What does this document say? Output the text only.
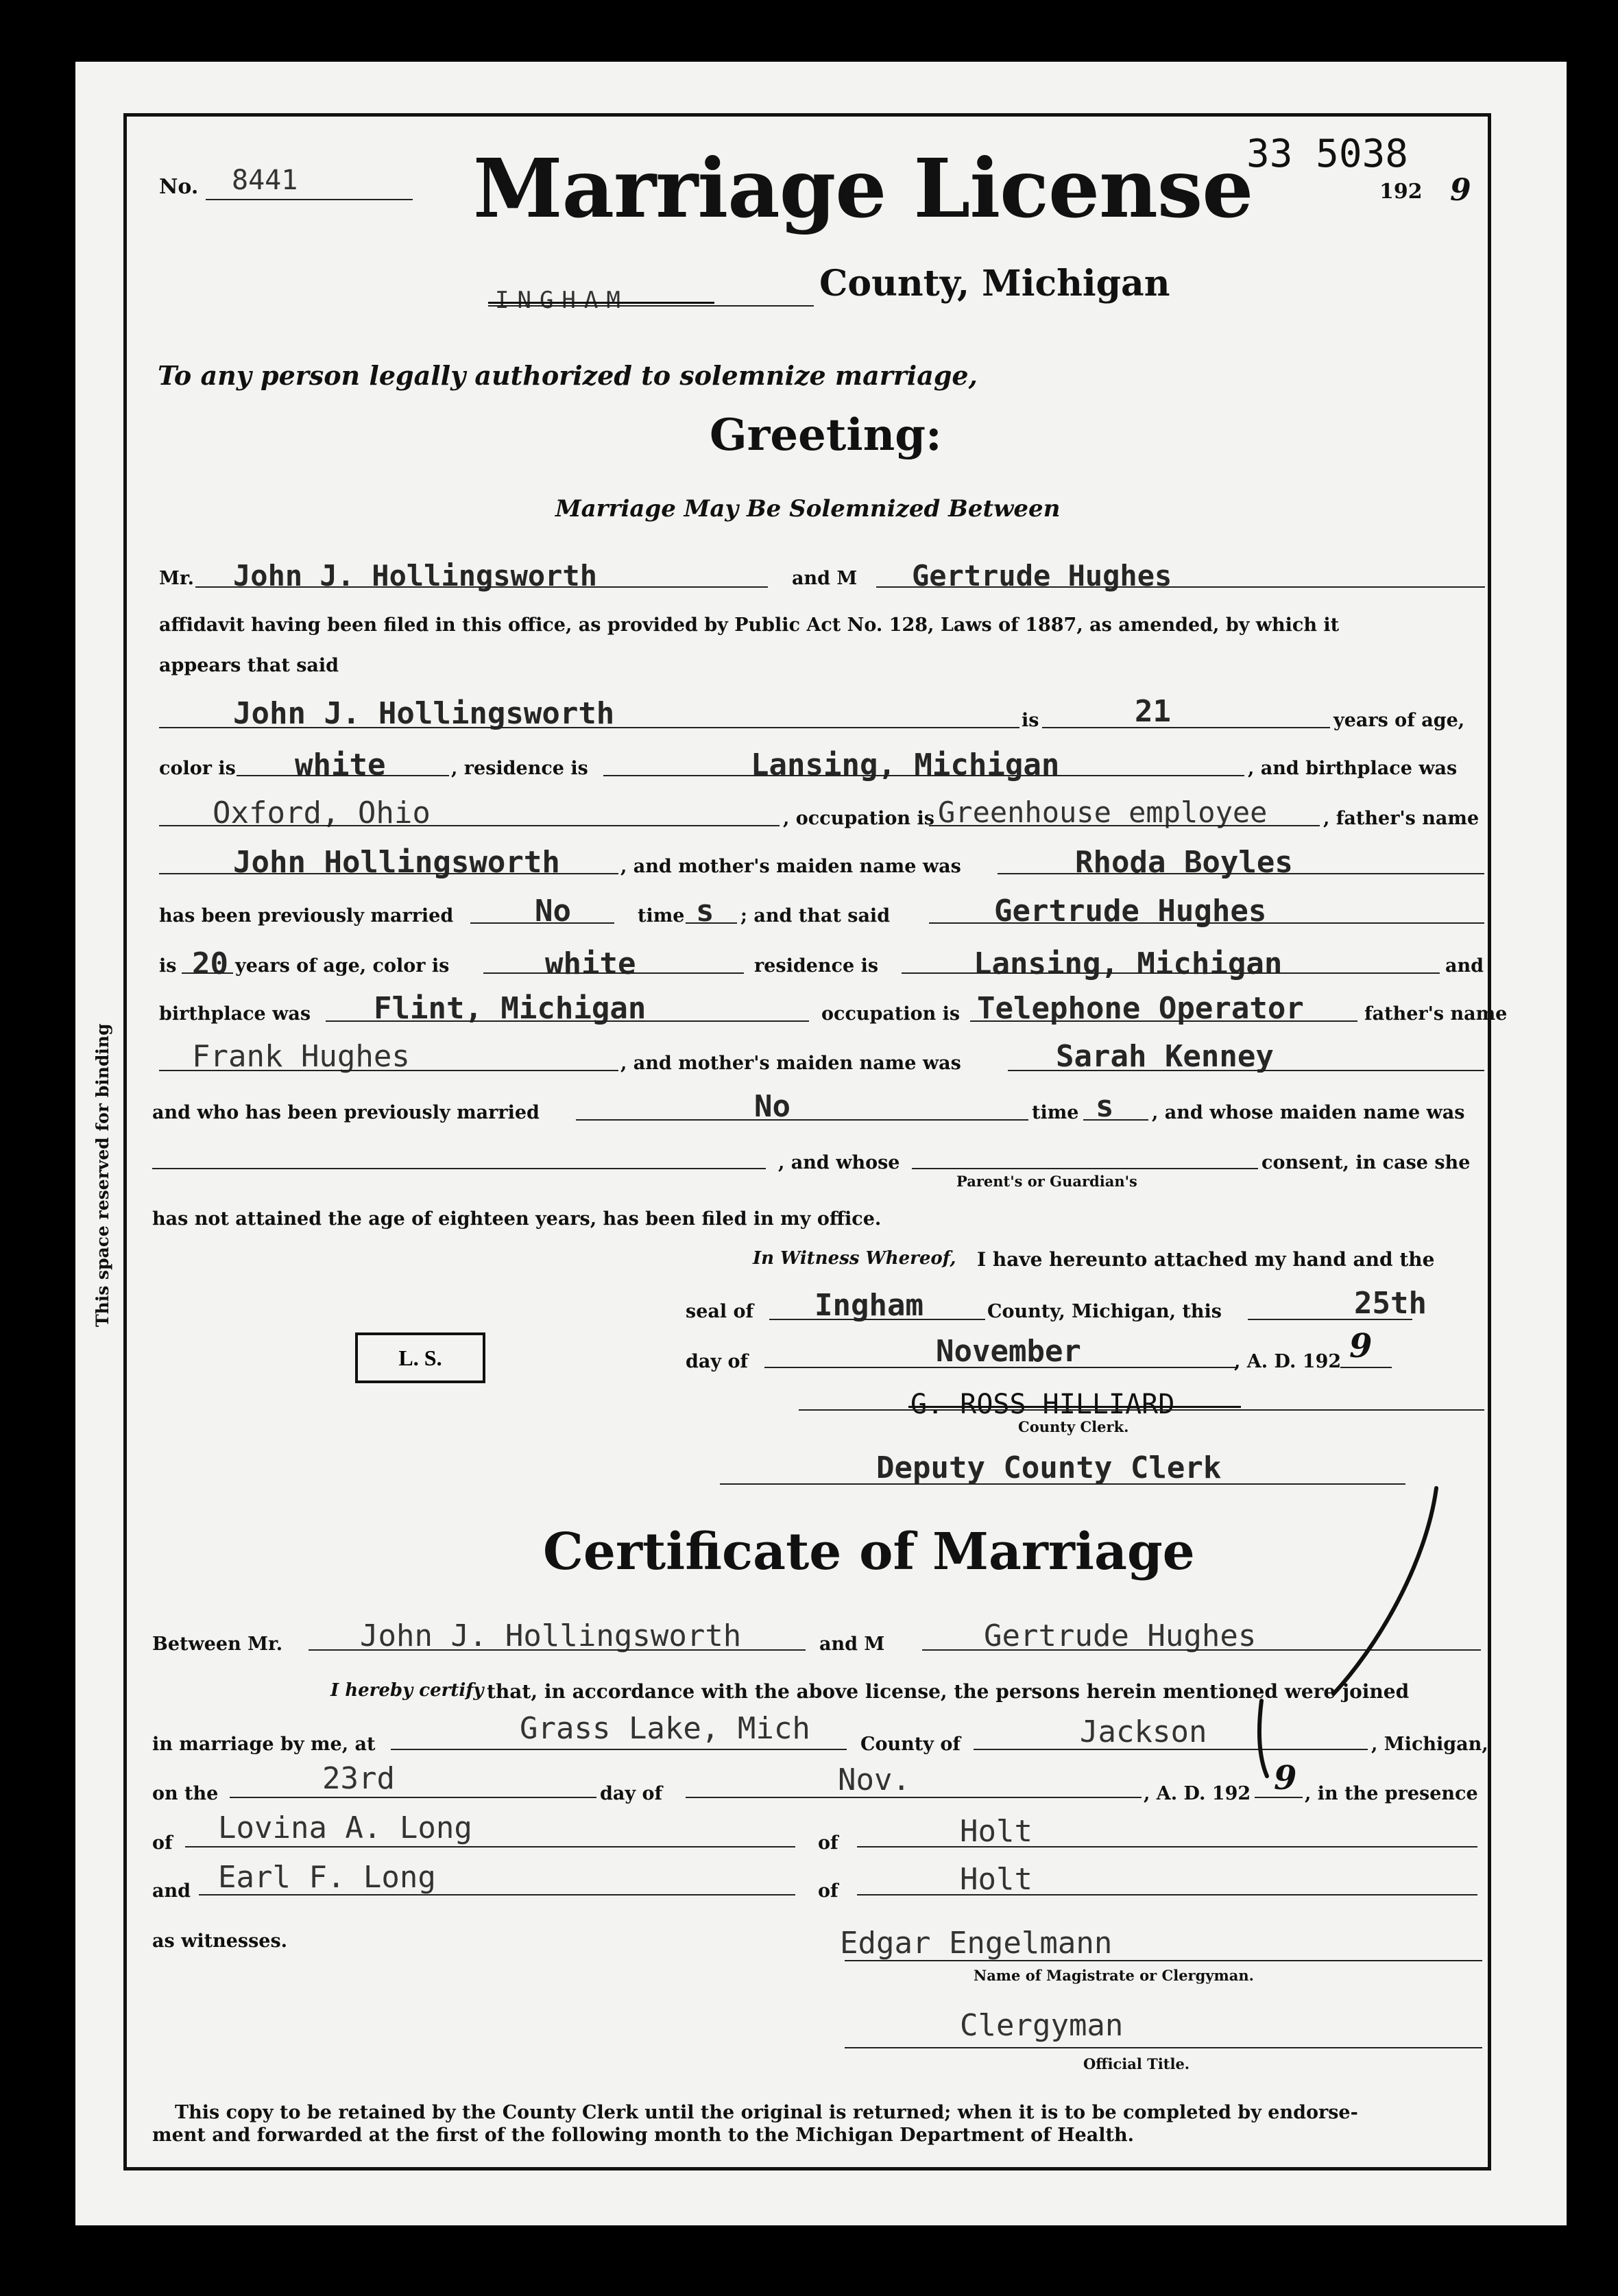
This space reserved for binding
No. 8441 Marriage License
33 5038
192 9
INGHAM	County, Michigan
To any person legally authorized to solemnize marriage,
Greeting:
Marriage May Be Solemnized Between
Mr. John J. Hollingsworth	and M Gertrude Hughes
affidavit having been filed in this office, as provided by Public Act No. 128, Laws of 1887, as amended, by which it
appears that said
John J. Hollingsworth	is	21	years of age,
color is white	, residence is	Lansing, Michigan	, and birthplace was
Oxford, Ohio	, occupation is Greenhouse employee	, father's name
John Hollingsworth	, and mother's maiden name was	Rhoda Boyles
has been previously married	No	time s ; and that said	Gertrude Hughes
is 20 years of age, color is	white	residence is	Lansing, Michigan	and
birthplace was Flint, Michigan	occupation is Telephone Operator	father's name
Frank Hughes	, and mother's maiden name was	Sarah Kenney
and who has been previously married	No	time s , and whose maiden name was
, and whose
Parent's or Guardian's
consent, in case she
has not attained the age of eighteen years, has been filed in my office.
In Witness Whereof, I have hereunto attached my hand and the
seal of Ingham	County, Michigan, this	25th
L. S.	day of	November	, A. D. 192 9
G. ROSS HILLIARD
County Clerk.
Deputy County Clerk
Certificate of Marriage
Between Mr.	John J. Hollingsworth	and M	Gertrude Hughes
I hereby certify that, in accordance with the above license, the persons herein mentioned were joined
in marriage by me, at	Grass Lake, Mich	County of	Jackson	, Michigan,
on the	23rd	day of	Nov.	, A. D. 192 9 , in the presence
of Lovina A. Long	of	Holt
and Earl F. Long	of	Holt
as witnesses.	Edgar Engelmann
Name of Magistrate or Clergyman.
Clergyman
Official Title.
This copy to be retained by the County Clerk until the original is returned; when it is to be completed by endorse-
ment and forwarded at the first of the following month to the Michigan Department of Health.
